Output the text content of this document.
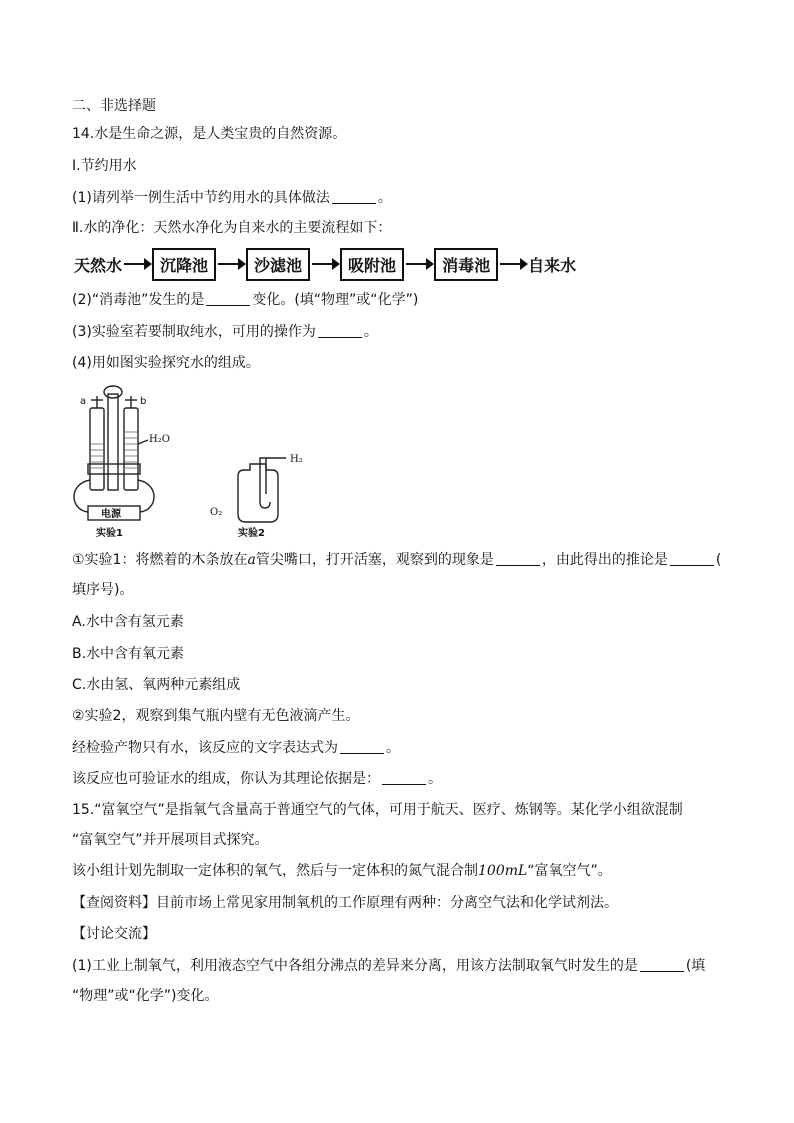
二、非选择题
14.水是生命之源，是人类宝贵的自然资源。
Ⅰ.节约用水
(1)请列举一例生活中节约用水的具体做法	。
Ⅱ.水的净化：天然水净化为自来水的主要流程如下：
天然水	沉降池	沙滤池	吸附池	消毒池	自来水
(2)“消毒池”发生的是	变化。(填“物理”或“化学”)
(3)实验室若要制取纯水，可用的操作为	。
(4)用如图实验探究水的组成。
a	b
H₂O
电源
实验1
H₂
O₂
实验2
①实验1：将燃着的木条放在a管尖嘴口，打开活塞，观察到的现象是	，由此得出的推论是	(
填序号)。
A.水中含有氢元素
B.水中含有氧元素
C.水由氢、氧两种元素组成
②实验2，观察到集气瓶内壁有无色液滴产生。
经检验产物只有水，该反应的文字表达式为	。
该反应也可验证水的组成，你认为其理论依据是：	。
15.“富氧空气”是指氧气含量高于普通空气的气体，可用于航天、医疗、炼钢等。某化学小组欲混制
“富氧空气”并开展项目式探究。
该小组计划先制取一定体积的氧气，然后与一定体积的氮气混合制100mL“富氧空气”。
【查阅资料】目前市场上常见家用制氧机的工作原理有两种：分离空气法和化学试剂法。
【讨论交流】
(1)工业上制氧气，利用液态空气中各组分沸点的差异来分离，用该方法制取氧气时发生的是	(填
“物理”或“化学”)变化。
